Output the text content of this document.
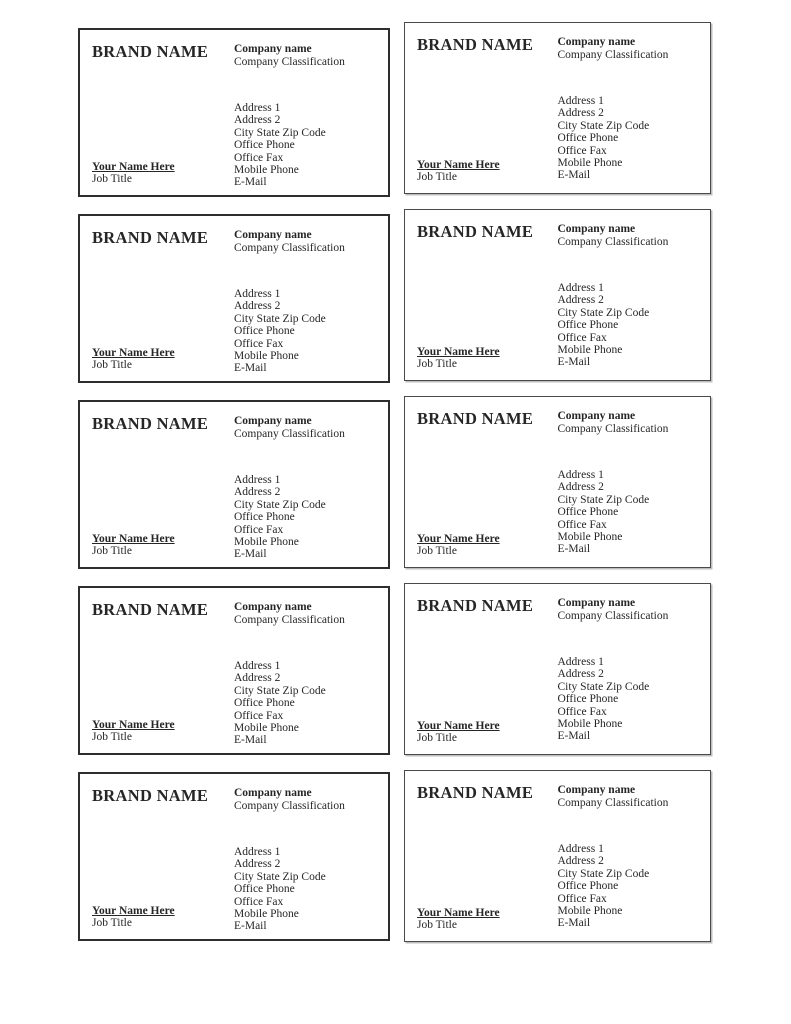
BRAND NAME Company name
Company Classification
Address 1
Address 2
City State Zip Code
Office Phone
Office Fax
Mobile Phone
E-Mail
Your Name Here
Job Title
BRAND NAME Company name
Company Classification
Address 1
Address 2
City State Zip Code
Office Phone
Office Fax
Mobile Phone
E-Mail
Your Name Here
Job Title
BRAND NAME Company name
Company Classification
Address 1
Address 2
City State Zip Code
Office Phone
Office Fax
Mobile Phone
E-Mail
Your Name Here
Job Title
BRAND NAME Company name
Company Classification
Address 1
Address 2
City State Zip Code
Office Phone
Office Fax
Mobile Phone
E-Mail
Your Name Here
Job Title
BRAND NAME Company name
Company Classification
Address 1
Address 2
City State Zip Code
Office Phone
Office Fax
Mobile Phone
E-Mail
Your Name Here
Job Title
BRAND NAME Company name
Company Classification
Address 1
Address 2
City State Zip Code
Office Phone
Office Fax
Mobile Phone
E-Mail
Your Name Here
Job Title
BRAND NAME Company name
Company Classification
Address 1
Address 2
City State Zip Code
Office Phone
Office Fax
Mobile Phone
E-Mail
Your Name Here
Job Title
BRAND NAME Company name
Company Classification
Address 1
Address 2
City State Zip Code
Office Phone
Office Fax
Mobile Phone
E-Mail
Your Name Here
Job Title
BRAND NAME Company name
Company Classification
Address 1
Address 2
City State Zip Code
Office Phone
Office Fax
Mobile Phone
E-Mail
Your Name Here
Job Title
BRAND NAME Company name
Company Classification
Address 1
Address 2
City State Zip Code
Office Phone
Office Fax
Mobile Phone
E-Mail
Your Name Here
Job Title
